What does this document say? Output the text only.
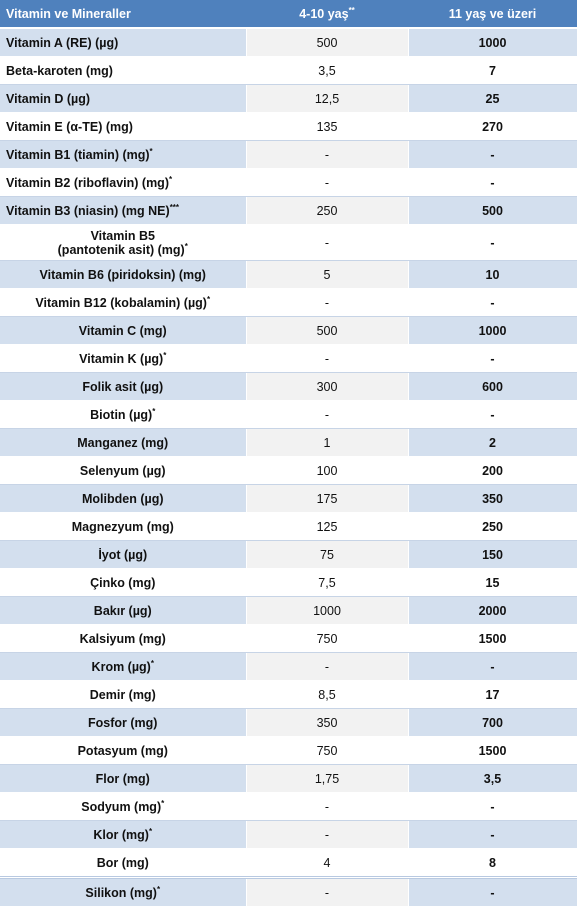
Vitamin ve Mineraller	4-10 yaş**	11 yaş ve üzeri
Vitamin A (RE) (µg)	500	1000
Beta-karoten (mg)	3,5	7
Vitamin D (µg)	12,5	25
Vitamin E (α-TE) (mg)	135	270
Vitamin B1 (tiamin) (mg)*	-	-
Vitamin B2 (riboflavin) (mg)*	-	-
Vitamin B3 (niasin) (mg NE)***	250	500
Vitamin B5
(pantotenik asit) (mg)*	-	-
Vitamin B6 (piridoksin) (mg)	5	10
Vitamin B12 (kobalamin) (µg)*	-	-
Vitamin C (mg)	500	1000
Vitamin K (µg)*	-	-
Folik asit (µg)	300	600
Biotin (µg)*	-	-
Manganez (mg)	1	2
Selenyum (µg)	100	200
Molibden (µg)	175	350
Magnezyum (mg)	125	250
İyot (µg)	75	150
Çinko (mg)	7,5	15
Bakır (µg)	1000	2000
Kalsiyum (mg)	750	1500
Krom (µg)*	-	-
Demir (mg)	8,5	17
Fosfor (mg)	350	700
Potasyum (mg)	750	1500
Flor (mg)	1,75	3,5
Sodyum (mg)*	-	-
Klor (mg)*	-	-
Bor (mg)	4	8
Silikon (mg)*	-	-
